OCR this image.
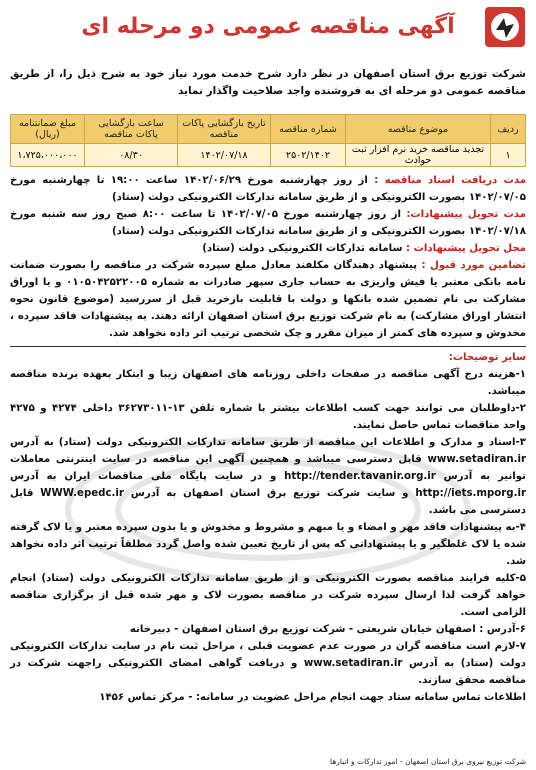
آگهی مناقصه عمومی دو مرحله ای
شرکت توزیع برق استان اصفهان در نظر دارد شرح خدمت مورد نیاز خود به شرح ذیل را، از طریق مناقصه عمومی دو مرحله ای به فروشنده واجد صلاحیت واگذار نماید
ردیف	موضوع مناقصه	شماره مناقصه	تاریخ بازگشایی پاکات مناقصه	ساعت بازگشایی پاکات مناقصه	مبلغ ضمانتنامه (ریال)
۱	تجدید مناقصه خرید نرم افزار ثبت حوادث	۲۵۰۲/۱۴۰۲	۱۴۰۲/۰۷/۱۸	۰۸/۳۰	۱،۷۲۵،۰۰۰،۰۰۰

مدت دریافت اسناد مناقصه : از روز چهارشنبه مورخ ۱۴۰۲/۰۶/۲۹ ساعت ۱۹:۰۰ تا چهارشنبه مورخ ۱۴۰۲/۰۷/۰۵ بصورت الکترونیکی و از طریق سامانه تدارکات الکترونیکی دولت (ستاد)

مدت تحویل پیشنهادات: از روز چهارشنبه مورخ ۱۴۰۲/۰۷/۰۵ تا ساعت ۸:۰۰ صبح روز سه شنبه مورخ ۱۴۰۲/۰۷/۱۸ بصورت الکترونیکی و از طریق سامانه تدارکات الکترونیکی دولت (ستاد)

محل تحویل پیشنهادات : سامانه تدارکات الکترونیکی دولت (ستاد)

تضامین مورد قبول : پیشنهاد دهندگان مکلفند معادل مبلغ سپرده شرکت در مناقصه را بصورت ضمانت نامه بانکی معتبر یا فیش واریزی به حساب جاری سپهر صادرات به شماره ۰۱۰۵۰۴۲۵۲۲۰۰۵ و یا اوراق مشارکت بی نام تضمین شده بانکها و دولت با قابلیت بازخرید قبل از سررسید (موضوع قانون نحوه انتشار اوراق مشارکت) به نام شرکت توزیع برق استان اصفهان ارائه دهند. به پیشنهادات فاقد سپرده ، مخدوش و سپرده های کمتر از میزان مقرر و چک شخصی ترتیب اثر داده نخواهد شد.

سایر توضیحات:

۱-هزینه درج آگهی مناقصه در صفحات داخلی روزنامه های اصفهان زیبا و ابتکار بعهده برنده مناقصه میباشد.

۲-داوطلبان می توانند جهت کسب اطلاعات بیشتر با شماره تلفن ۱۳-۳۶۲۷۳۰۱۱ داخلی ۴۲۷۴ و ۴۲۷۵ واحد مناقصات تماس حاصل نمایند.

۳-اسناد و مدارک و اطلاعات این مناقصه از طریق سامانه تدارکات الکترونیکی دولت (ستاد) به آدرس www.setadiran.ir قابل دسترسی میباشد و همچنین آگهی این مناقصه در سایت اینترنتی معاملات توانیر به آدرس http://tender.tavanir.org.ir و در سایت پایگاه ملی مناقصات ایران به آدرس http://iets.mporg.ir و سایت شرکت توزیع برق استان اصفهان به آدرس WWW.epedc.ir قابل دسترسی می باشد.

۴-به پیشنهادات فاقد مهر و امضاء و یا مبهم و مشروط و مخدوش و یا بدون سپرده معتبر و یا لاک گرفته شده یا لاک غلطگیر و یا پیشنهاداتی که پس از تاریخ تعیین شده واصل گردد مطلقاً ترتیب اثر داده نخواهد شد.

۵-کلیه فرایند مناقصه بصورت الکترونیکی و از طریق سامانه تدارکات الکترونیکی دولت (ستاد) انجام خواهد گرفت لذا ارسال سپرده شرکت در مناقصه بصورت لاک و مهر شده قبل از برگزاری مناقصه الزامی است.

۶-آدرس : اصفهان خیابان شریعتی - شرکت توزیع برق استان اصفهان - دبیرخانه

۷-لازم است مناقصه گران در صورت عدم عضویت قبلی ، مراحل ثبت نام در سایت تدارکات الکترونیکی دولت (ستاد) به آدرس www.setadiran.ir و دریافت گواهی امضای الکترونیکی راجهت شرکت در مناقصه محقق سازند.

اطلاعات تماس سامانه ستاد جهت انجام مراحل عضویت در سامانه: - مرکز تماس ۱۴۵۶

شرکت توزیع نیروی برق استان اصفهان - امور تدارکات و انبارها
